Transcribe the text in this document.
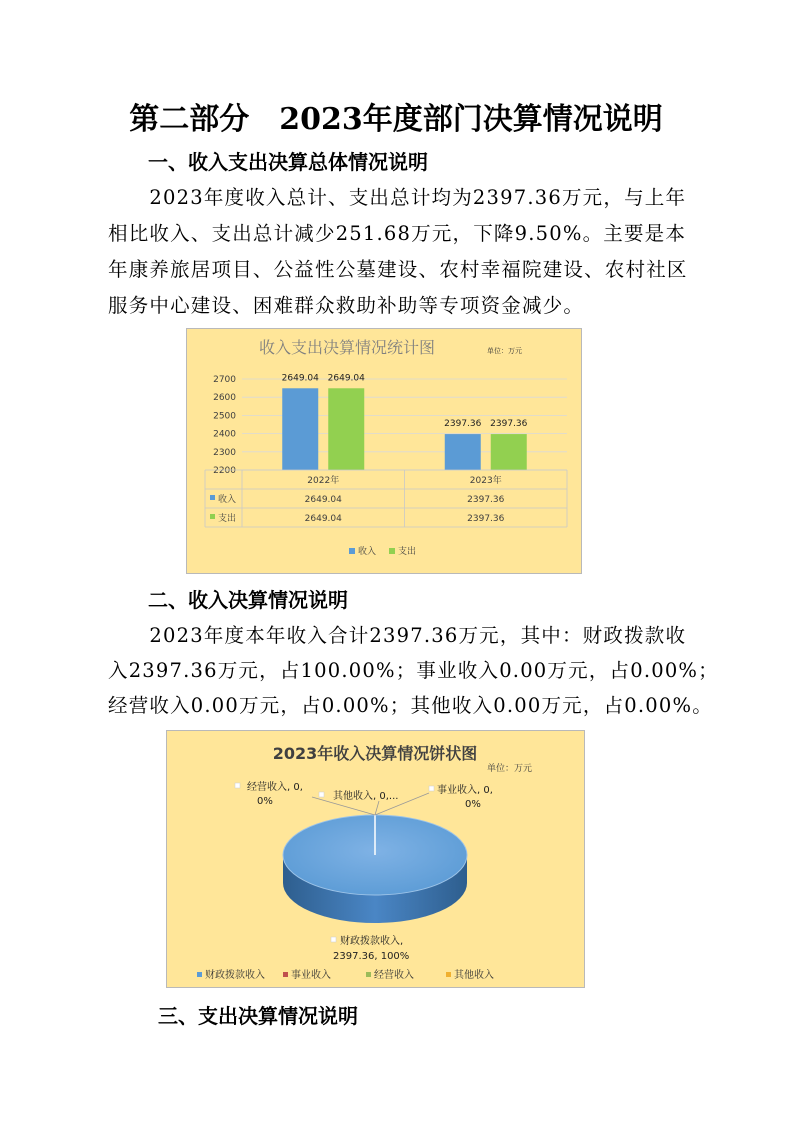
第二部分　2023年度部门决算情况说明
一、收入支出决算总体情况说明
　　2023年度收入总计、支出总计均为2397.36万元，与上年
相比收入、支出总计减少251.68万元，下降9.50%。主要是本
年康养旅居项目、公益性公墓建设、农村幸福院建设、农村社区
服务中心建设、困难群众救助补助等专项资金减少。
收入支出决算情况统计图	单位：万元
2200
2300
2400
2500
2600
2700	2649.04 2649.04
2397.36 2397.36
2022年	2023年
收入	2649.04	2397.36
支出	2649.04	2397.36
收入 支出
二、收入决算情况说明
　　2023年度本年收入合计2397.36万元，其中：财政拨款收
入2397.36万元，占100.00%；事业收入0.00万元，占0.00%；
经营收入0.00万元，占0.00%；其他收入0.00万元，占0.00%。
2023年收入决算情况饼状图
单位：万元
经营收入, 0,
0%	其他收入, 0,...
事业收入, 0,
0%
财政拨款收入,
2397.36, 100%
财政拨款收入	事业收入	经营收入	其他收入
三、支出决算情况说明
